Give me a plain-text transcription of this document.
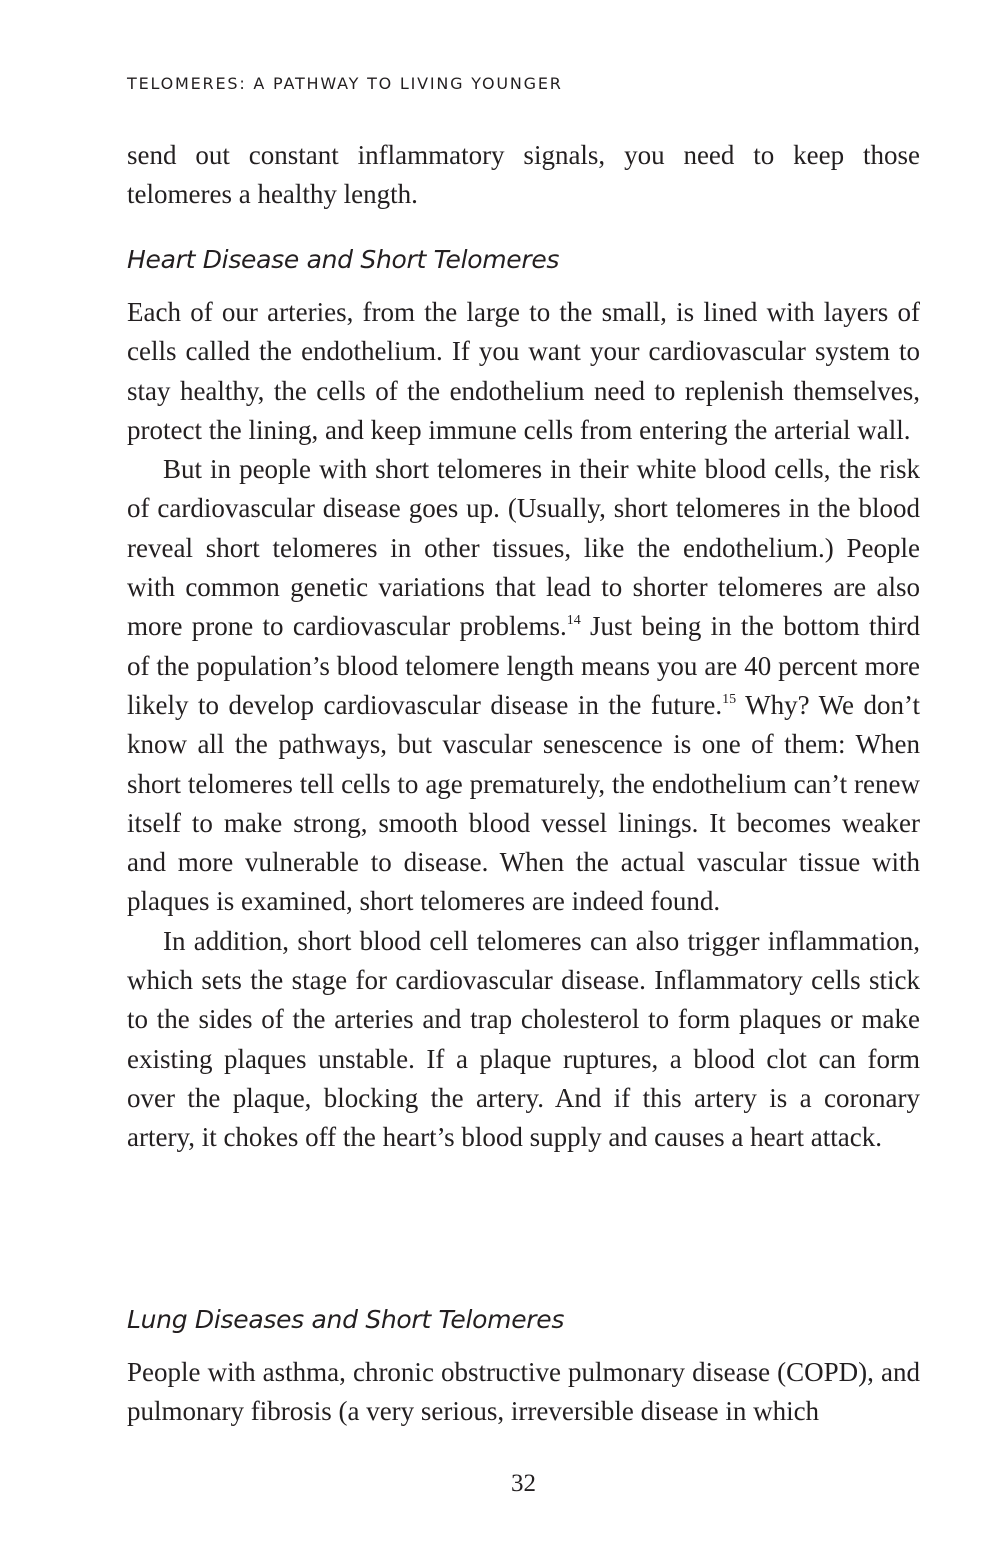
TELOMERES: A PATHWAY TO LIVING YOUNGER

send out constant inflammatory signals, you need to keep those telomeres a healthy length.

Heart Disease and Short Telomeres

Each of our arteries, from the large to the small, is lined with layers of cells called the endothelium. If you want your cardiovascular system to stay healthy, the cells of the endothelium need to replenish themselves, protect the lining, and keep immune cells from entering the arterial wall.

But in people with short telomeres in their white blood cells, the risk of cardiovascular disease goes up. (Usually, short telomeres in the blood reveal short telomeres in other tissues, like the endothelium.) People with common genetic variations that lead to shorter telomeres are also more prone to cardiovascular problems.$^{14}$ Just being in the bottom third of the population’s blood telomere length means you are 40 percent more likely to develop cardiovascular disease in the future.$^{15}$ Why? We don’t know all the pathways, but vascular senescence is one of them: When short telomeres tell cells to age prematurely, the endothelium can’t renew itself to make strong, smooth blood vessel linings. It becomes weaker and more vulnerable to disease. When the actual vascular tissue with plaques is examined, short telomeres are indeed found.

In addition, short blood cell telomeres can also trigger inflammation, which sets the stage for cardiovascular disease. Inflammatory cells stick to the sides of the arteries and trap cholesterol to form plaques or make existing plaques unstable. If a plaque ruptures, a blood clot can form over the plaque, blocking the artery. And if this artery is a coronary artery, it chokes off the heart’s blood supply and causes a heart attack.

Lung Diseases and Short Telomeres

People with asthma, chronic obstructive pulmonary disease (COPD), and pulmonary fibrosis (a very serious, irreversible disease in which

32
